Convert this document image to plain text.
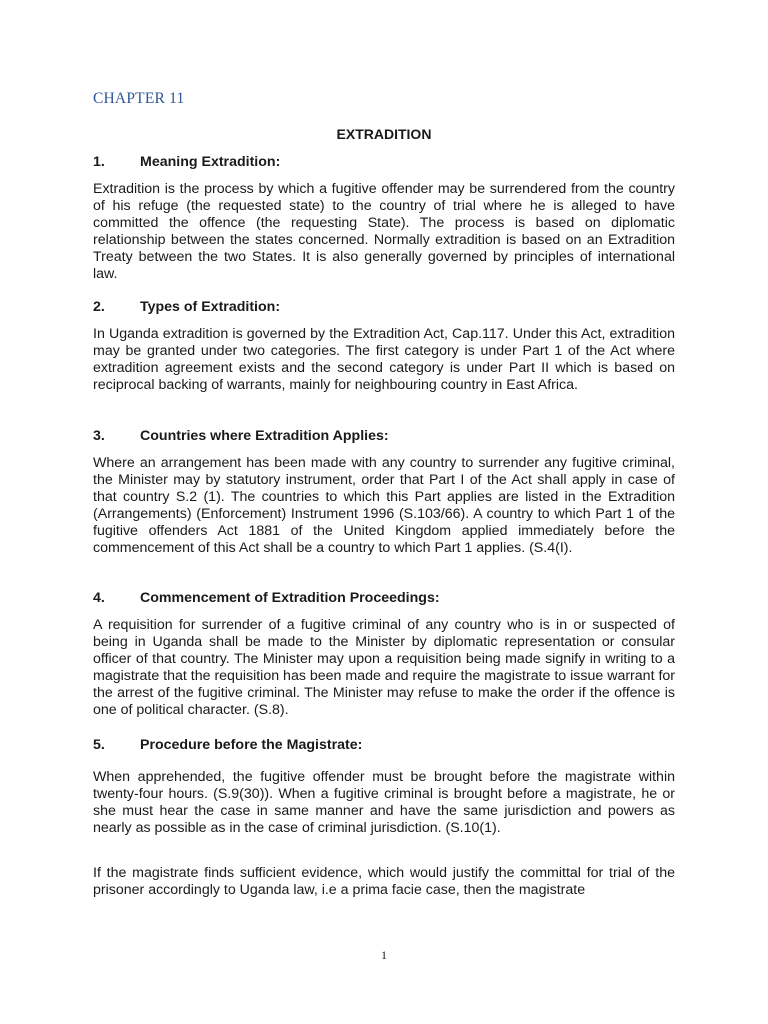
CHAPTER 11
EXTRADITION
1. Meaning Extradition:

Extradition is the process by which a fugitive offender may be surrendered from the country of his refuge (the requested state) to the country of trial where he is alleged to have committed the offence (the requesting State). The process is based on diplomatic relationship between the states concerned. Normally extradition is based on an Extradition Treaty between the two States. It is also generally governed by principles of international law.

2. Types of Extradition:

In Uganda extradition is governed by the Extradition Act, Cap.117. Under this Act, extradition may be granted under two categories. The first category is under Part 1 of the Act where extradition agreement exists and the second category is under Part II which is based on reciprocal backing of warrants, mainly for neighbouring country in East Africa.

3. Countries where Extradition Applies:

Where an arrangement has been made with any country to surrender any fugitive criminal, the Minister may by statutory instrument, order that Part I of the Act shall apply in case of that country S.2 (1). The countries to which this Part applies are listed in the Extradition (Arrangements) (Enforcement) Instrument 1996 (S.103/66). A country to which Part 1 of the fugitive offenders Act 1881 of the United Kingdom applied immediately before the commencement of this Act shall be a country to which Part 1 applies. (S.4(I).

4. Commencement of Extradition Proceedings:

A requisition for surrender of a fugitive criminal of any country who is in or suspected of being in Uganda shall be made to the Minister by diplomatic representation or consular officer of that country. The Minister may upon a requisition being made signify in writing to a magistrate that the requisition has been made and require the magistrate to issue warrant for the arrest of the fugitive criminal. The Minister may refuse to make the order if the offence is one of political character. (S.8).

5. Procedure before the Magistrate:

When apprehended, the fugitive offender must be brought before the magistrate within twenty-four hours. (S.9(30)). When a fugitive criminal is brought before a magistrate, he or she must hear the case in same manner and have the same jurisdiction and powers as nearly as possible as in the case of criminal jurisdiction. (S.10(1).

If the magistrate finds sufficient evidence, which would justify the committal for trial of the prisoner accordingly to Uganda law, i.e a prima facie case, then the magistrate

1
